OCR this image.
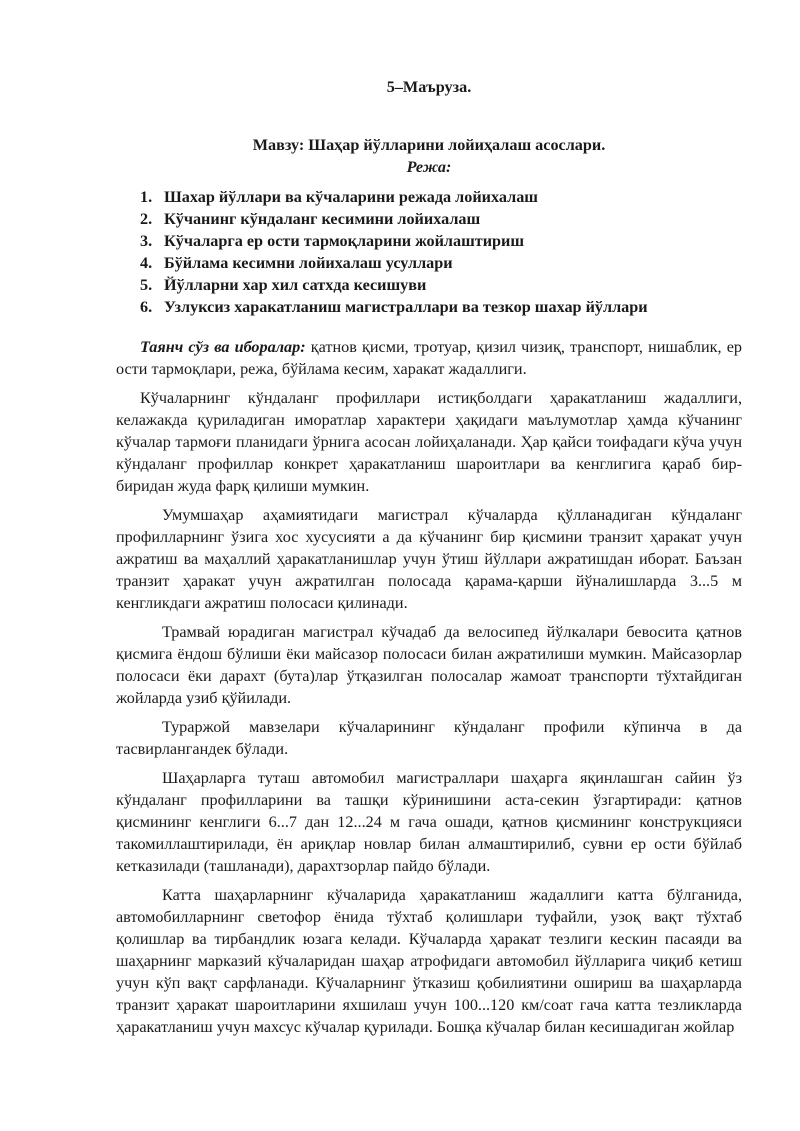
5–Маъруза.

Мавзу: Шаҳар йўлларини лойиҳалаш асослари.

Режа:

1. Шахар йўллари ва кўчаларини режада лойихалаш
2. Кўчанинг кўндаланг кесимини лойихалаш
3. Кўчаларга ер ости тармоқларини жойлаштириш
4. Бўйлама кесимни лойихалаш усуллари
5. Йўлларни хар хил сатхда кесишуви
6. Узлуксиз харакатланиш магистраллари ва тезкор шахар йўллари

Таянч сўз ва иборалар: қатнов қисми, тротуар, қизил чизиқ, транспорт, нишаблик, ер ости тармоқлари, режа, бўйлама кесим, харакат жадаллиги.

Кўчаларнинг кўндаланг профиллари истиқболдаги ҳаракатланиш жадаллиги, келажакда қуриладиган иморатлар характери ҳақидаги маълумотлар ҳамда кўчанинг кўчалар тармоғи планидаги ўрнига асосан лойиҳаланади. Ҳар қайси тоифадаги кўча учун кўндаланг профиллар конкрет ҳаракатланиш шароитлари ва кенглигига қараб бир-биридан жуда фарқ қилиши мумкин.

Умумшаҳар аҳамиятидаги магистрал кўчаларда қўлланадиган кўндаланг профилларнинг ўзига хос хусусияти а да кўчанинг бир қисмини транзит ҳаракат учун ажратиш ва маҳаллий ҳаракатланишлар учун ўтиш йўллари ажратишдан иборат. Баъзан транзит ҳаракат учун ажратилган полосада қарама-қарши йўналишларда 3...5 м кенгликдаги ажратиш полосаси қилинади.

Трамвай юрадиган магистрал кўчадаб да велосипед йўлкалари бевосита қатнов қисмига ёндош бўлиши ёки майсазор полосаси билан ажратилиши мумкин. Майсазорлар полосаси ёки дарахт (бута)лар ўтқазилган полосалар жамоат транспорти тўхтайдиган жойларда узиб қўйилади.

Тураржой мавзелари кўчаларининг кўндаланг профили кўпинча в да тасвирлангандек бўлади.

Шаҳарларга туташ автомобил магистраллари шаҳарга яқинлашган сайин ўз кўндаланг профилларини ва ташқи кўринишини аста-секин ўзгартиради: қатнов қисмининг кенглиги 6...7 дан 12...24 м гача ошади, қатнов қисмининг конструкцияси такомиллаштирилади, ён ариқлар новлар билан алмаштирилиб, сувни ер ости бўйлаб кетказилади (ташланади), дарахтзорлар пайдо бўлади.

Катта шаҳарларнинг кўчаларида ҳаракатланиш жадаллиги катта бўлганида, автомобилларнинг светофор ёнида тўхтаб қолишлари туфайли, узоқ вақт тўхтаб қолишлар ва тирбандлик юзага келади. Кўчаларда ҳаракат тезлиги кескин пасаяди ва шаҳарнинг марказий кўчаларидан шаҳар атрофидаги автомобил йўлларига чиқиб кетиш учун кўп вақт сарфланади. Кўчаларнинг ўтказиш қобилиятини ошириш ва шаҳарларда транзит ҳаракат шароитларини яхшилаш учун 100...120 км/соат гача катта тезликларда ҳаракатланиш учун махсус кўчалар қурилади. Бошқа кўчалар билан кесишадиган жойлар
